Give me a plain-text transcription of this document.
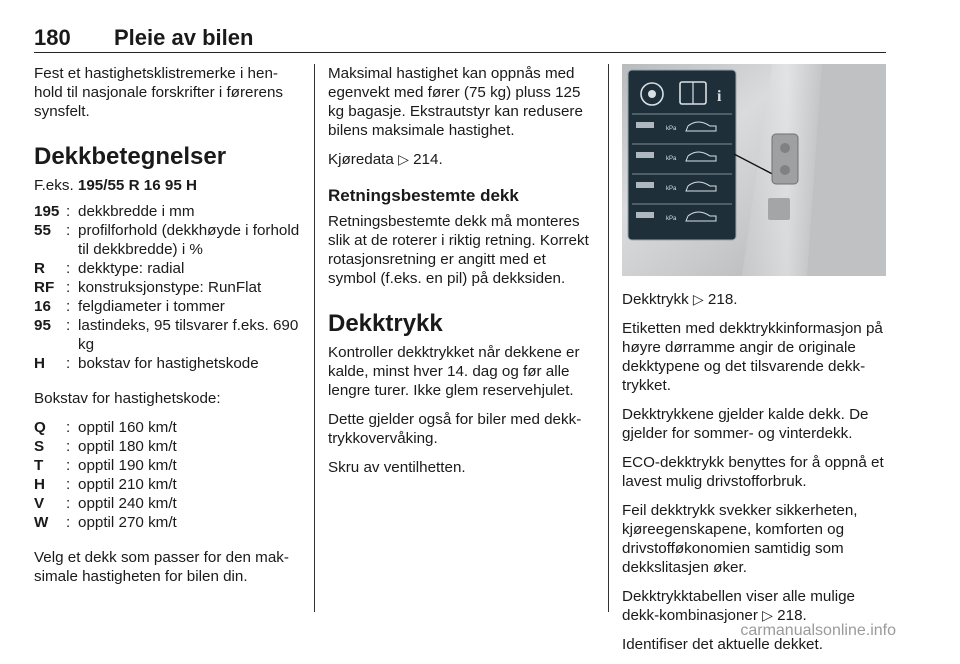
180 Pleie av bilen

Fest et hastighetsklistremerke i henhold til nasjonale forskrifter i førerens synsfelt.

Dekkbetegnelser
F.eks. 195/55 R 16 95 H
195 : dekkbredde i mm
55 : profilforhold (dekkhøyde i forhold til dekkbredde) i %
R	: dekktype: radial
RF : konstruksjonstype: RunFlat
16 : felgdiameter i tommer
95 : lastindeks, 95 tilsvarer f.eks. 690 kg
H	: bokstav for hastighetskode

Bokstav for hastighetskode:

Q	: opptil 160 km/t
S	: opptil 180 km/t
T	: opptil 190 km/t
H	: opptil 210 km/t
V	: opptil 240 km/t
W	: opptil 270 km/t

Velg et dekk som passer for den maksimale hastigheten for bilen din.

Maksimal hastighet kan oppnås med egenvekt med fører (75 kg) pluss 125 kg bagasje. Ekstrautstyr kan redusere bilens maksimale hastighet.

Kjøredata ▷ 214.

Retningsbestemte dekk

Retningsbestemte dekk må monteres slik at de roterer i riktig retning. Korrekt rotasjonsretning er angitt med et symbol (f.eks. en pil) på dekksiden.

Dekktrykk

Kontroller dekktrykket når dekkene er kalde, minst hver 14. dag og før alle lengre turer. Ikke glem reservehjulet.

Dette gjelder også for biler med dekktrykkovervåking.

Skru av ventilhetten.

i
kPa
kPa
kPa
kPa

Dekktrykk ▷ 218.

Etiketten med dekktrykkinformasjon på høyre dørramme angir de originale dekktypene og det tilsvarende dekktrykket.

Dekktrykkene gjelder kalde dekk. De gjelder for sommer- og vinterdekk.

ECO-dekktrykk benyttes for å oppnå et lavest mulig drivstofforbruk.

Feil dekktrykk svekker sikkerheten, kjøreegenskapene, komforten og drivstofføkonomien samtidig som dekkslitasjen øker.

Dekktrykktabellen viser alle mulige dekk-kombinasjoner ▷ 218.

Identifiser det aktuelle dekket.

carmanualsonline.info
